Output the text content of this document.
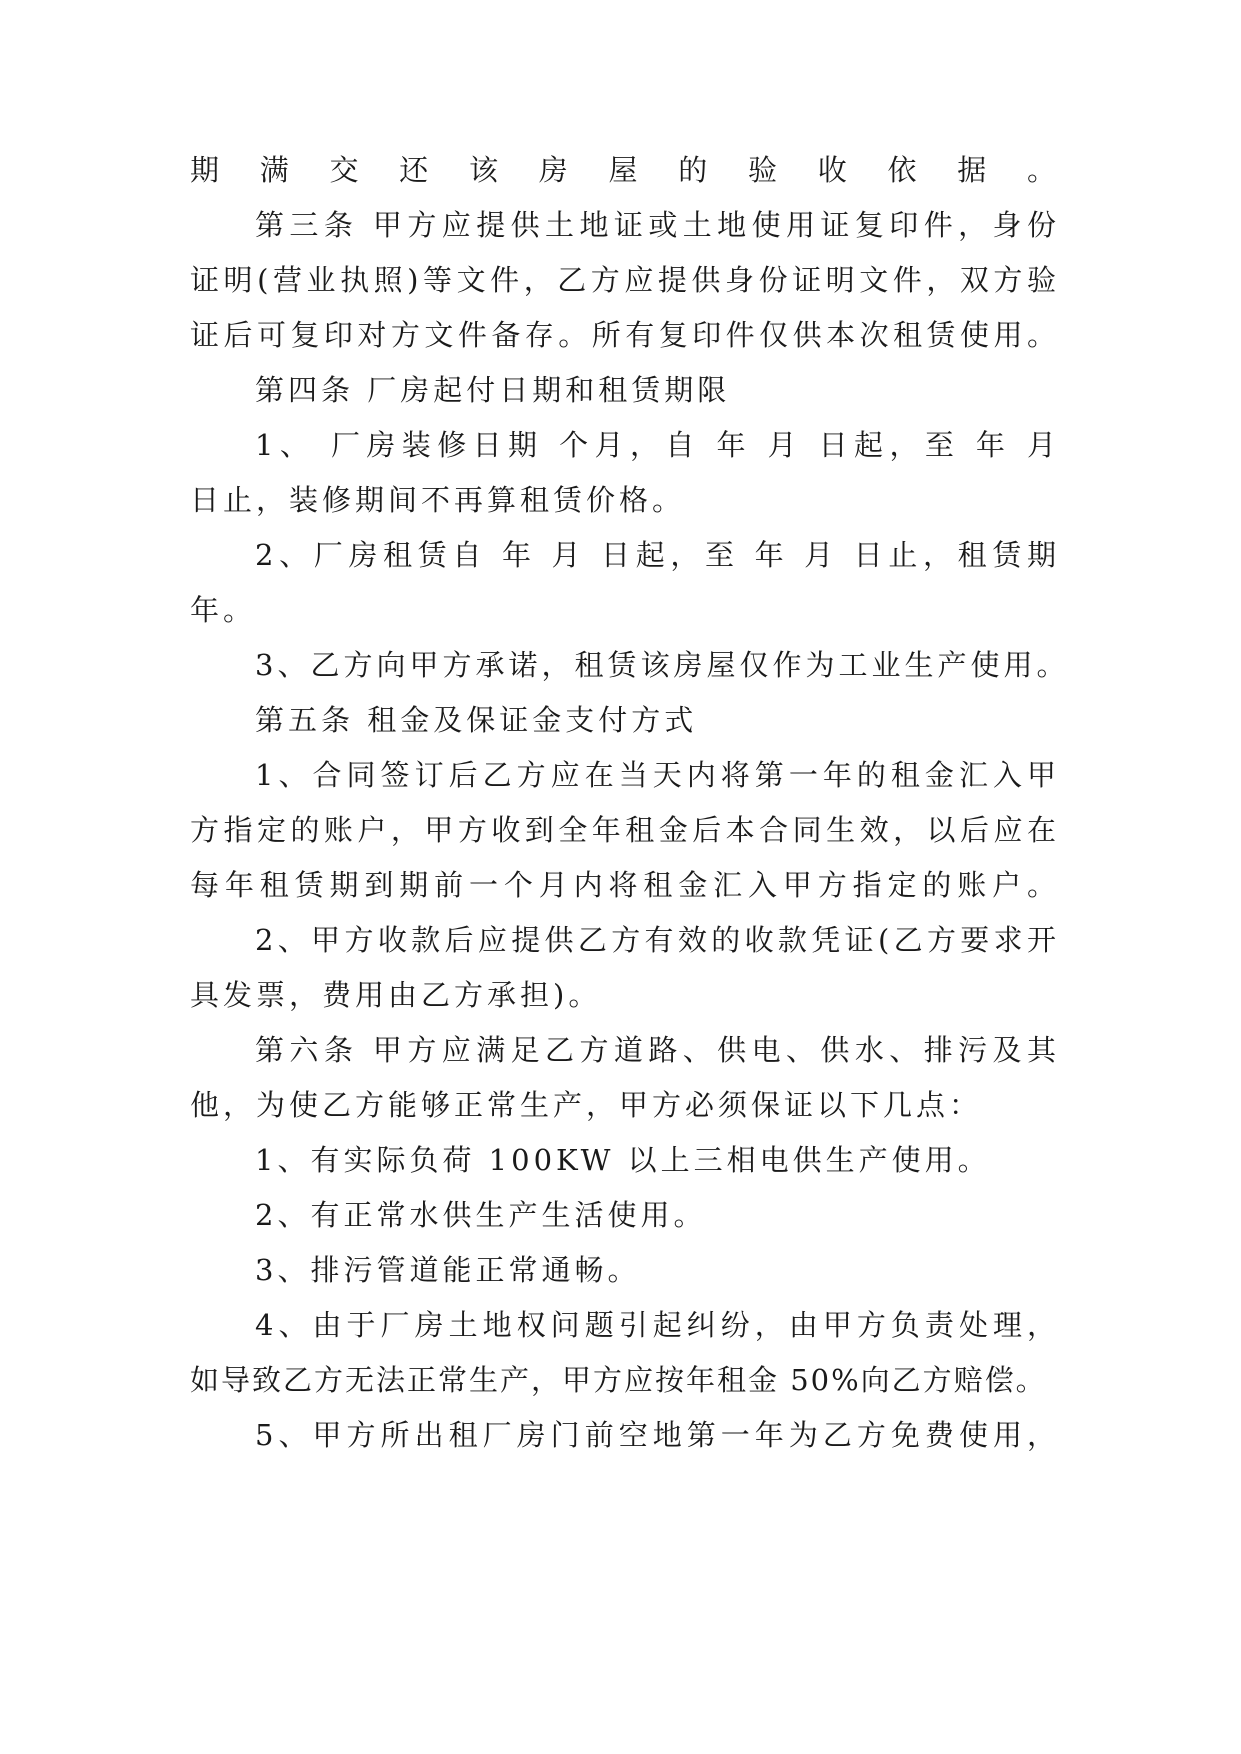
期满交还该房屋的验收依据。
第三条 甲方应提供土地证或土地使用证复印件，身份
证明(营业执照)等文件，乙方应提供身份证明文件，双方验
证后可复印对方文件备存。所有复印件仅供本次租赁使用。
第四条 厂房起付日期和租赁期限
1、 厂房装修日期 个月，自 年 月 日起，至 年 月
日止，装修期间不再算租赁价格。
2、厂房租赁自 年 月 日起，至 年 月 日止，租赁期
年。
3、乙方向甲方承诺，租赁该房屋仅作为工业生产使用。
第五条 租金及保证金支付方式
1、合同签订后乙方应在当天内将第一年的租金汇入甲
方指定的账户，甲方收到全年租金后本合同生效，以后应在
每年租赁期到期前一个月内将租金汇入甲方指定的账户。
2、甲方收款后应提供乙方有效的收款凭证(乙方要求开
具发票，费用由乙方承担)。
第六条 甲方应满足乙方道路、供电、供水、排污及其
他，为使乙方能够正常生产，甲方必须保证以下几点：
1、有实际负荷 100KW 以上三相电供生产使用。
2、有正常水供生产生活使用。
3、排污管道能正常通畅。
4、由于厂房土地权问题引起纠纷，由甲方负责处理，
如导致乙方无法正常生产，甲方应按年租金 50%向乙方赔偿。
5、甲方所出租厂房门前空地第一年为乙方免费使用，
